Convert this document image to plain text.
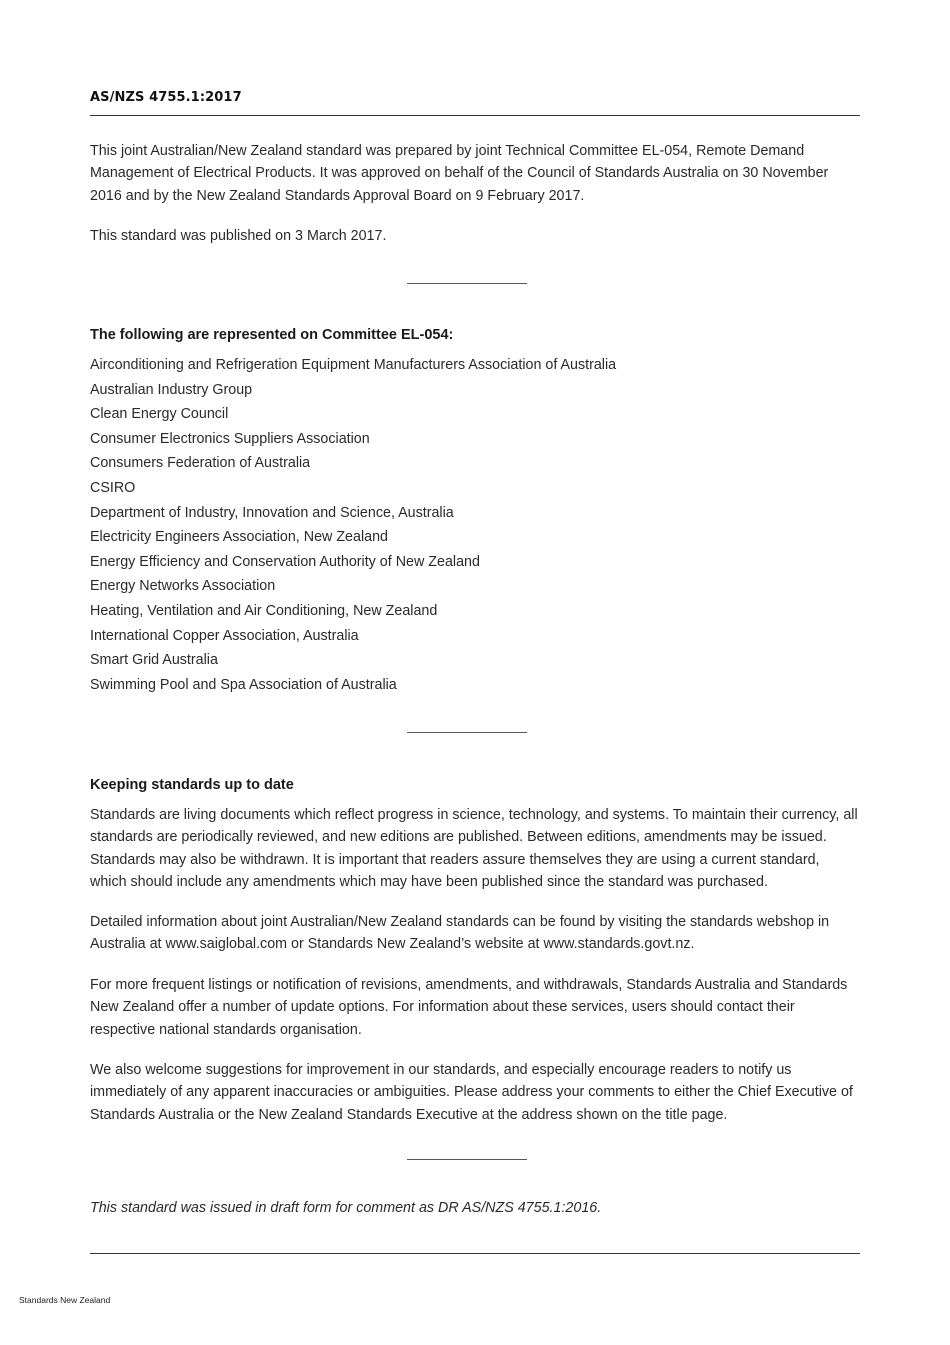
AS/NZS 4755.1:2017

This joint Australian/New Zealand standard was prepared by joint Technical Committee EL-054, Remote Demand Management of Electrical Products. It was approved on behalf of the Council of Standards Australia on 30 November 2016 and by the New Zealand Standards Approval Board on 9 February 2017.

This standard was published on 3 March 2017.

The following are represented on Committee EL-054:

Airconditioning and Refrigeration Equipment Manufacturers Association of Australia
Australian Industry Group
Clean Energy Council
Consumer Electronics Suppliers Association
Consumers Federation of Australia
CSIRO
Department of Industry, Innovation and Science, Australia
Electricity Engineers Association, New Zealand
Energy Efficiency and Conservation Authority of New Zealand
Energy Networks Association
Heating, Ventilation and Air Conditioning, New Zealand
International Copper Association, Australia
Smart Grid Australia
Swimming Pool and Spa Association of Australia

Keeping standards up to date

Standards are living documents which reflect progress in science, technology, and systems. To maintain their currency, all standards are periodically reviewed, and new editions are published. Between editions, amendments may be issued. Standards may also be withdrawn. It is important that readers assure themselves they are using a current standard, which should include any amendments which may have been published since the standard was purchased.

Detailed information about joint Australian/New Zealand standards can be found by visiting the standards webshop in Australia at www.saiglobal.com or Standards New Zealand’s website at www.standards.govt.nz.

For more frequent listings or notification of revisions, amendments, and withdrawals, Standards Australia and Standards New Zealand offer a number of update options. For information about these services, users should contact their respective national standards organisation.

We also welcome suggestions for improvement in our standards, and especially encourage readers to notify us immediately of any apparent inaccuracies or ambiguities. Please address your comments to either the Chief Executive of Standards Australia or the New Zealand Standards Executive at the address shown on the title page.

This standard was issued in draft form for comment as DR AS/NZS 4755.1:2016.

Standards New Zealand
